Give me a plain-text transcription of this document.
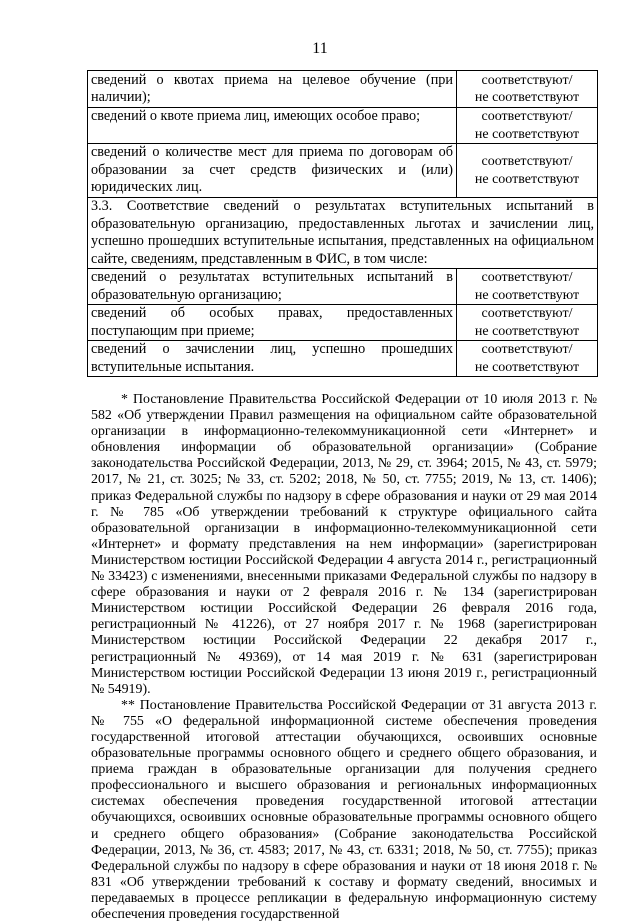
11
сведений о квотах приема на целевое обучение (при наличии);	соответствуют/
не соответствуют
сведений о квоте приема лиц, имеющих особое право;	соответствуют/
не соответствуют
сведений о количестве мест для приема по договорам об образовании за счет средств физических и (или) юридических лиц.	соответствуют/
не соответствуют
3.3. Соответствие сведений о результатах вступительных испытаний в образовательную организацию, предоставленных льготах и зачислении лиц, успешно прошедших вступительные испытания, представленных на официальном сайте, сведениям, представленным в ФИС, в том числе:	
сведений о результатах вступительных испытаний в образовательную организацию;	соответствуют/
не соответствуют
сведений об особых правах, предоставленных поступающим при приеме;	соответствуют/
не соответствуют
сведений о зачислении лиц, успешно прошедших вступительные испытания.	соответствуют/
не соответствуют

* Постановление Правительства Российской Федерации от 10 июля 2013 г. № 582 «Об утверждении Правил размещения на официальном сайте образовательной организации в информационно-телекоммуникационной сети «Интернет» и обновления информации об образовательной организации» (Собрание законодательства Российской Федерации, 2013, № 29, ст. 3964; 2015, № 43, ст. 5979; 2017, № 21, ст. 3025; № 33, ст. 5202; 2018, № 50, ст. 7755; 2019, № 13, ст. 1406); приказ Федеральной службы по надзору в сфере образования и науки от 29 мая 2014 г. № 785 «Об утверждении требований к структуре официального сайта образовательной организации в информационно-телекоммуникационной сети «Интернет» и формату представления на нем информации» (зарегистрирован Министерством юстиции Российской Федерации 4 августа 2014 г., регистрационный № 33423) с изменениями, внесенными приказами Федеральной службы по надзору в сфере образования и науки от 2 февраля 2016 г. № 134 (зарегистрирован Министерством юстиции Российской Федерации 26 февраля 2016 года, регистрационный № 41226), от 27 ноября 2017 г. № 1968 (зарегистрирован Министерством юстиции Российской Федерации 22 декабря 2017 г., регистрационный № 49369), от 14 мая 2019 г. № 631 (зарегистрирован Министерством юстиции Российской Федерации 13 июня 2019 г., регистрационный № 54919).

** Постановление Правительства Российской Федерации от 31 августа 2013 г. № 755 «О федеральной информационной системе обеспечения проведения государственной итоговой аттестации обучающихся, освоивших основные образовательные программы основного общего и среднего общего образования, и приема граждан в образовательные организации для получения среднего профессионального и высшего образования и региональных информационных системах обеспечения проведения государственной итоговой аттестации обучающихся, освоивших основные образовательные программы основного общего и среднего общего образования» (Собрание законодательства Российской Федерации, 2013, № 36, ст. 4583; 2017, № 43, ст. 6331; 2018, № 50, ст. 7755); приказ Федеральной службы по надзору в сфере образования и науки от 18 июня 2018 г. № 831 «Об утверждении требований к составу и формату сведений, вносимых и передаваемых в процессе репликации в федеральную информационную систему обеспечения проведения государственной
